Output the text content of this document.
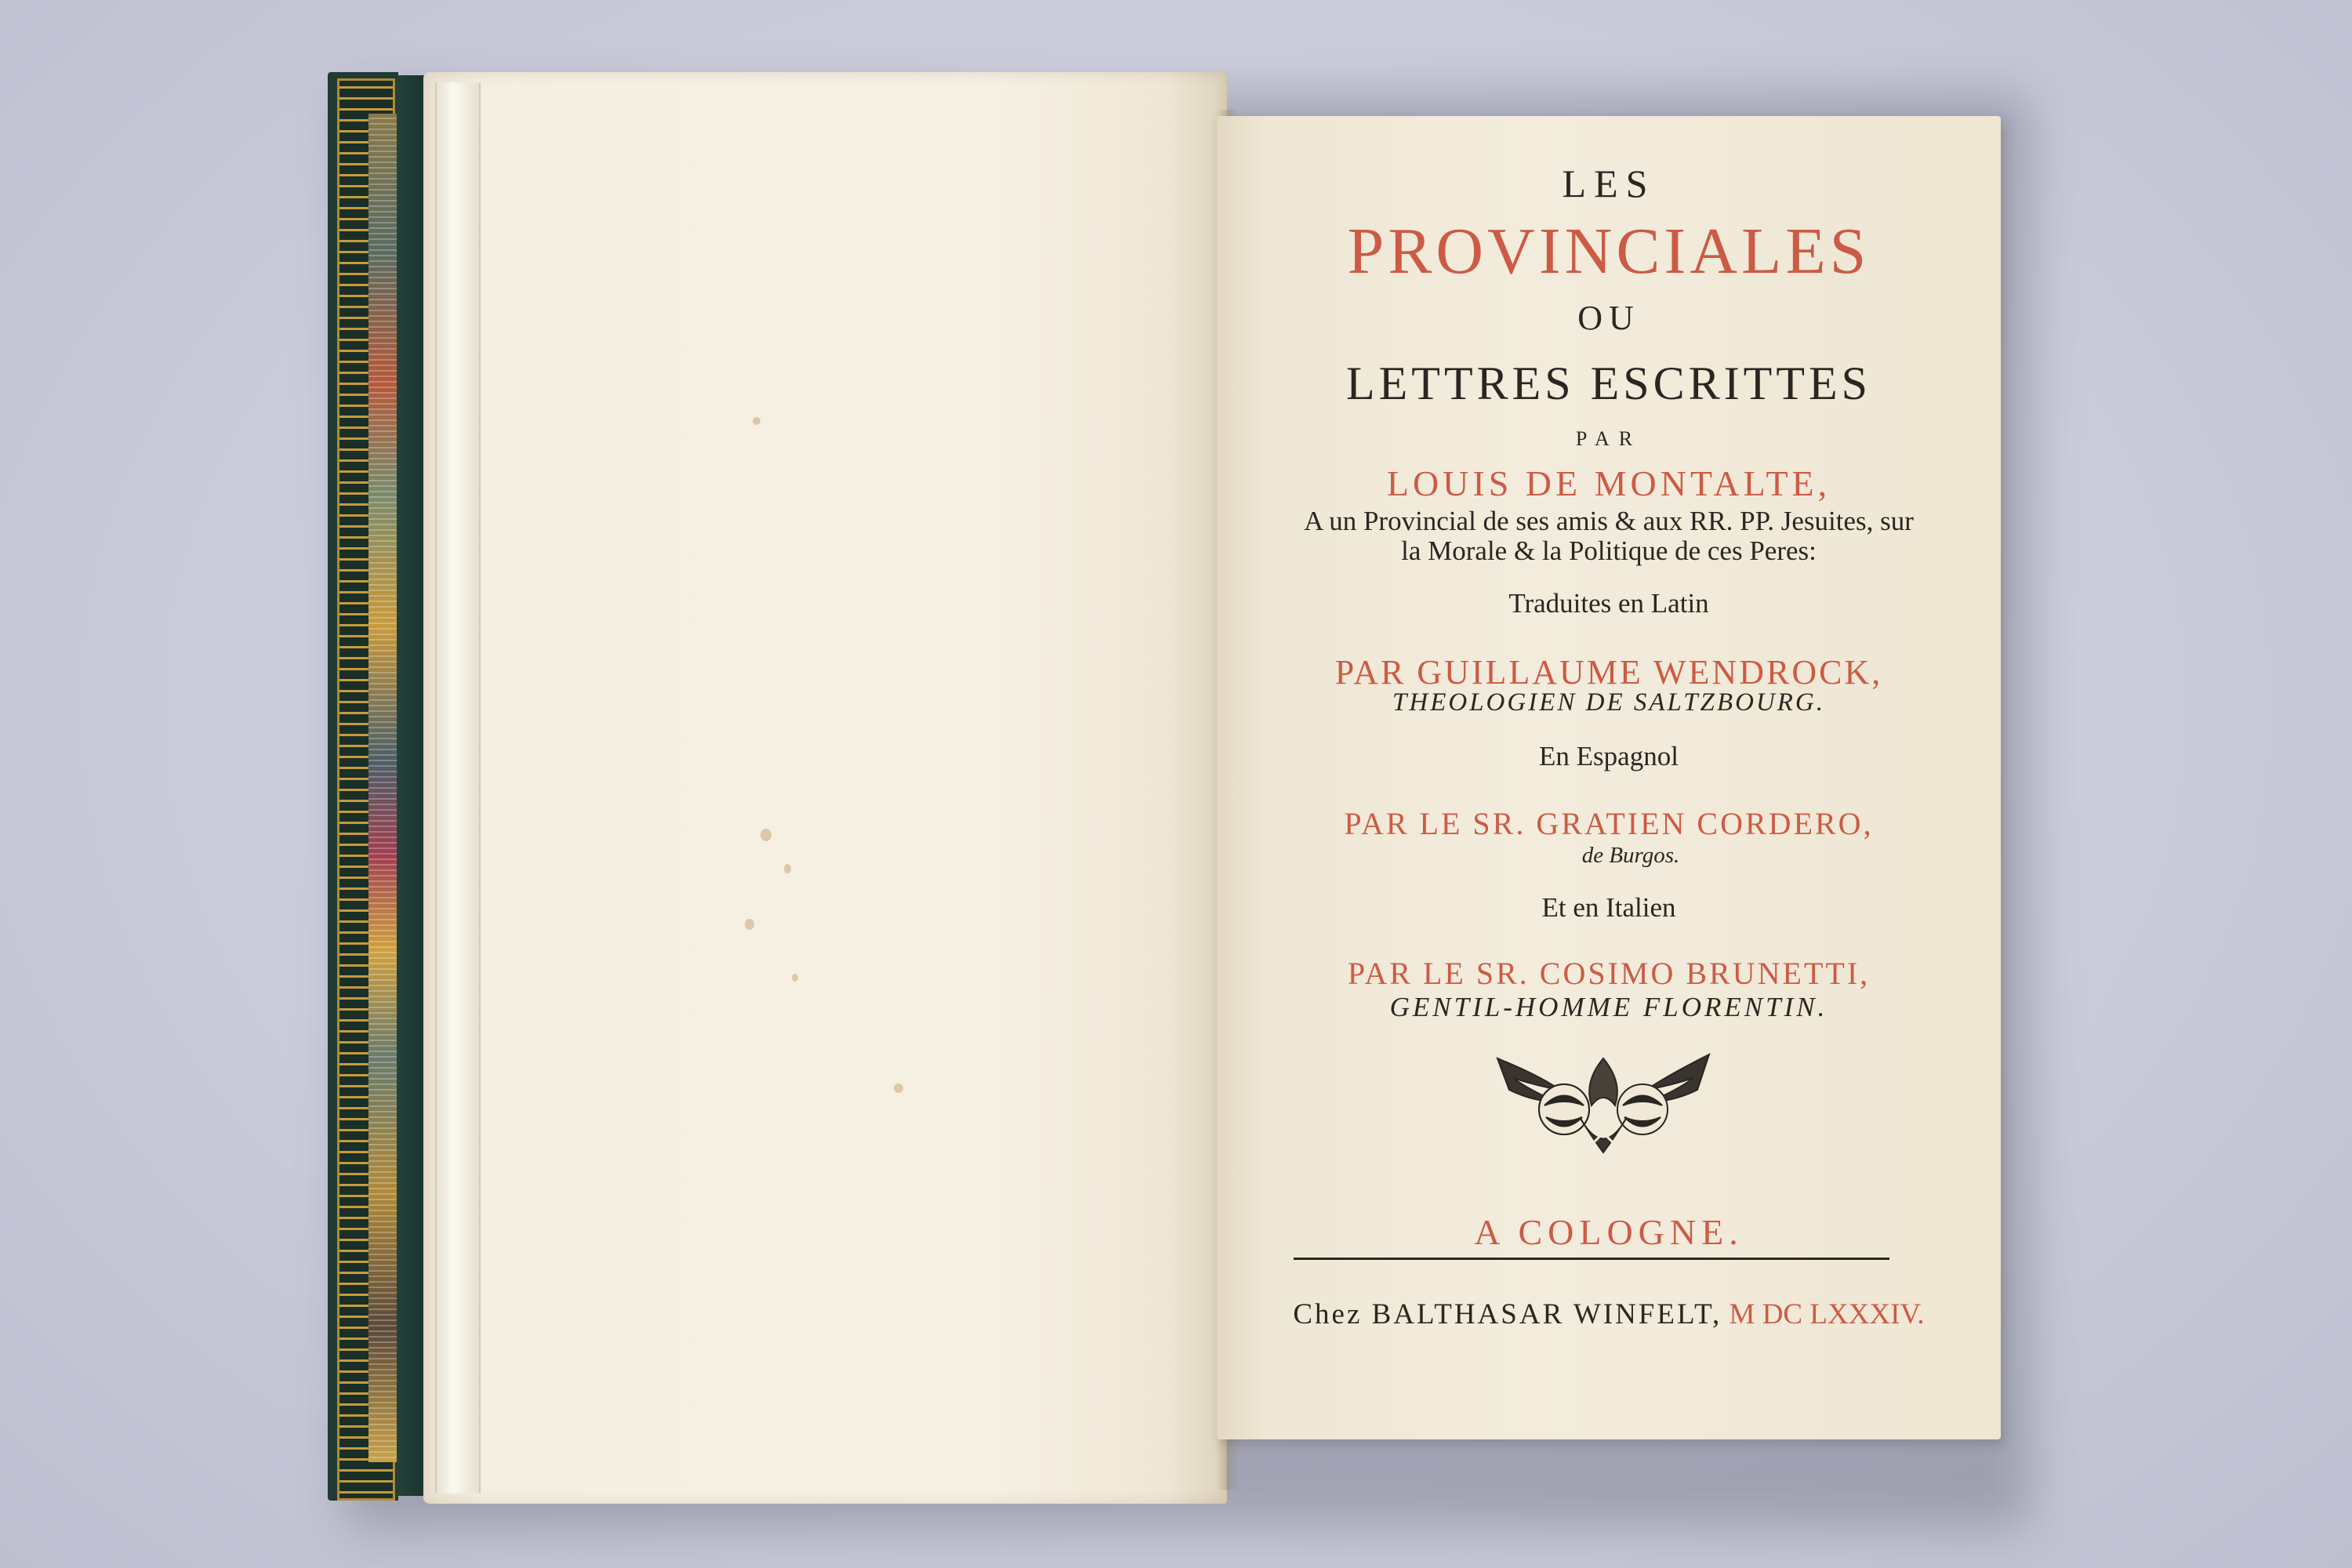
LES

PROVINCIALES

OU

LETTRES ESCRITTES

PAR

LOUIS DE MONTALTE,

A un Provincial de ses amis & aux RR. PP. Jesuites, sur

la Morale & la Politique de ces Peres:

Traduites en Latin

PAR GUILLAUME WENDROCK,

THEOLOGIEN DE SALTZBOURG.

En Espagnol

PAR LE SR. GRATIEN CORDERO,

de Burgos.

Et en Italien

PAR LE SR. COSIMO BRUNETTI,

GENTIL-HOMME FLORENTIN.

A COLOGNE.

Chez BALTHASAR WINFELT, M DC LXXXIV.
